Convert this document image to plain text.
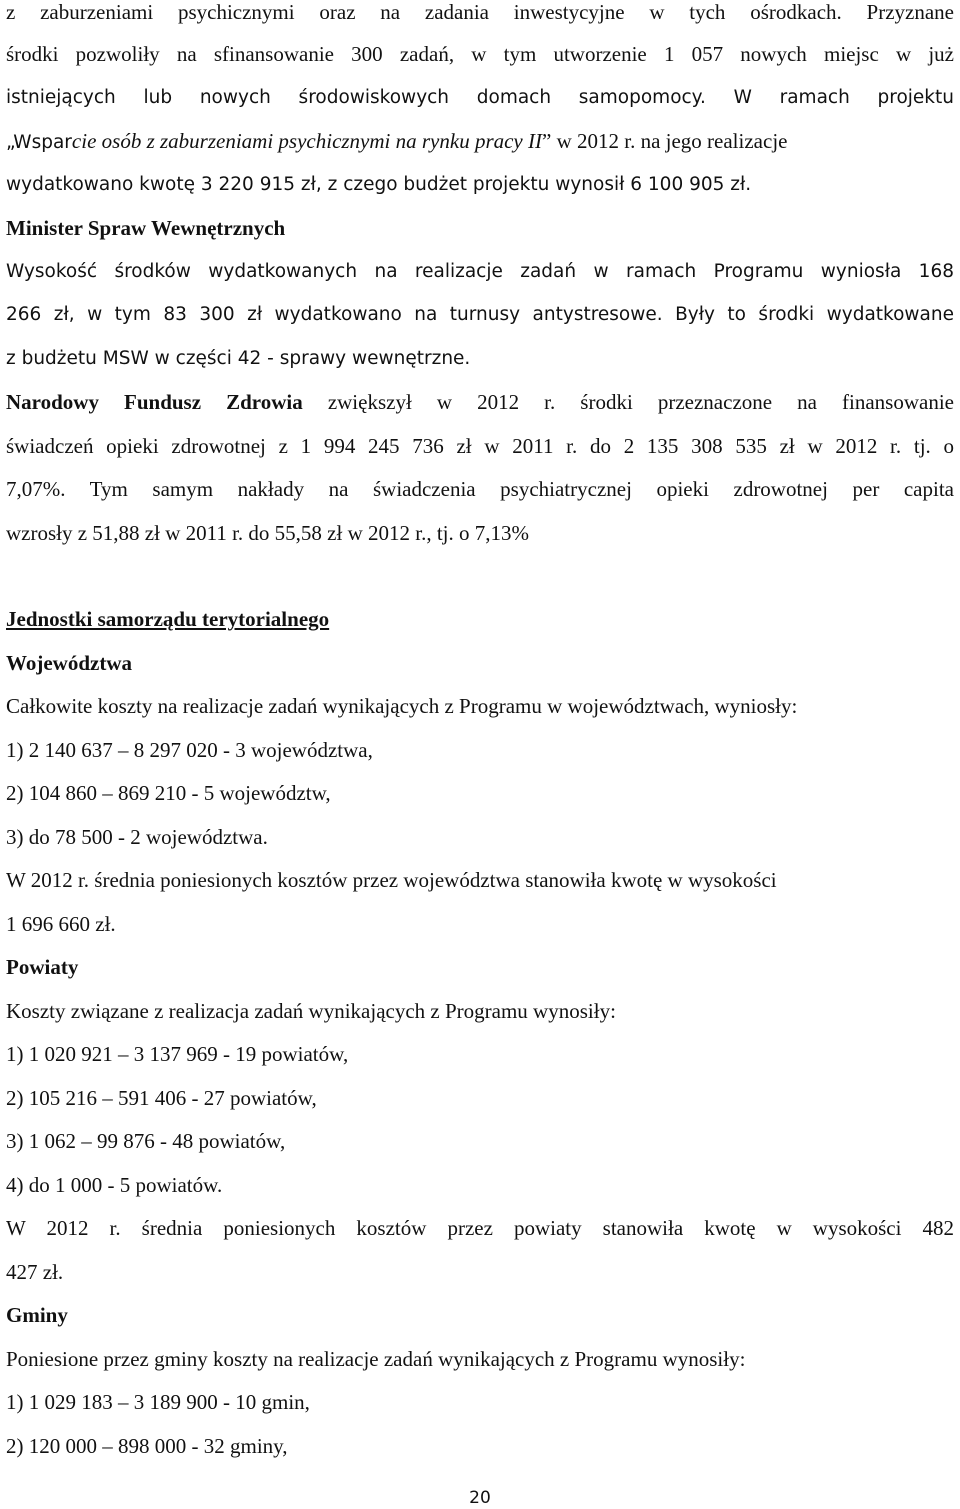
z zaburzeniami psychicznymi oraz na zadania inwestycyjne w tych ośrodkach. Przyznane
środki pozwoliły na sfinansowanie 300 zadań, w tym utworzenie 1 057 nowych miejsc w już
istniejących lub nowych środowiskowych domach samopomocy. W ramach projektu
„Wsparcie osób z zaburzeniami psychicznymi na rynku pracy II” w 2012 r. na jego realizacje
wydatkowano kwotę 3 220 915 zł, z czego budżet projektu wynosił 6 100 905 zł.
Minister Spraw Wewnętrznych
Wysokość środków wydatkowanych na realizacje zadań w ramach Programu wyniosła 168
266 zł, w tym 83 300 zł wydatkowano na turnusy antystresowe. Były to środki wydatkowane
z budżetu MSW w części 42 - sprawy wewnętrzne.
Narodowy Fundusz Zdrowia zwiększył w 2012 r. środki przeznaczone na finansowanie
świadczeń opieki zdrowotnej z 1 994 245 736 zł w 2011 r. do 2 135 308 535 zł w 2012 r. tj. o
7,07%. Tym samym nakłady na świadczenia psychiatrycznej opieki zdrowotnej per capita
wzrosły z 51,88 zł w 2011 r. do 55,58 zł w 2012 r., tj. o 7,13%
Jednostki samorządu terytorialnego
Województwa
Całkowite koszty na realizacje zadań wynikających z Programu w województwach, wyniosły:
1) 2 140 637 – 8 297 020 - 3 województwa,
2) 104 860 – 869 210 - 5 województw,
3) do 78 500 - 2 województwa.
W 2012 r. średnia poniesionych kosztów przez województwa stanowiła kwotę w wysokości
1 696 660 zł.
Powiaty
Koszty związane z realizacja zadań wynikających z Programu wynosiły:
1) 1 020 921 – 3 137 969 - 19 powiatów,
2) 105 216 – 591 406 - 27 powiatów,
3) 1 062 – 99 876 - 48 powiatów,
4) do 1 000 - 5 powiatów.
W 2012 r. średnia poniesionych kosztów przez powiaty stanowiła kwotę w wysokości 482
427 zł.
Gminy
Poniesione przez gminy koszty na realizacje zadań wynikających z Programu wynosiły:
1) 1 029 183 – 3 189 900 - 10 gmin,
2) 120 000 – 898 000 - 32 gminy,
20
